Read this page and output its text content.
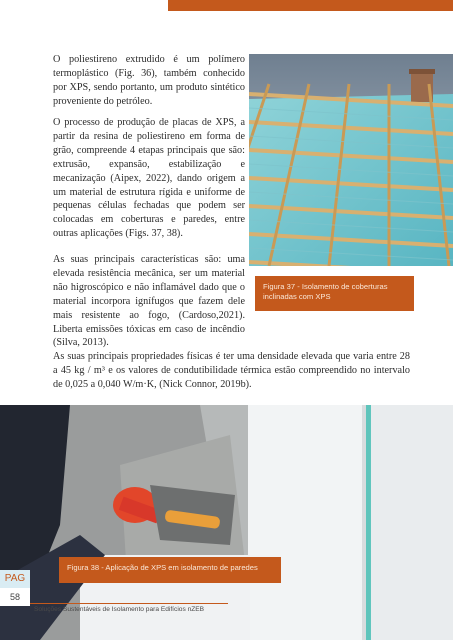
O poliestireno extrudido é um polímero termoplástico (Fig. 36), também conhecido por XPS, sendo portanto, um produto sintético proveniente do petróleo.

O processo de produção de placas de XPS, a partir da resina de poliestireno em forma de grão, compreende 4 etapas principais que são: extrusão, expansão, estabilização e mecanização (Aipex, 2022), dando origem a um material de estrutura rígida e uniforme de pequenas células fechadas que podem ser colocadas em coberturas e paredes, entre outras aplicações (Figs. 37, 38).

As suas principais características são: uma elevada resistência mecânica, ser um material não higroscópico e não inflamável dado que o material incorpora ignífugos que fazem dele mais resistente ao fogo, (Cardoso,2021). Liberta emissões tóxicas em caso de incêndio (Silva, 2013).

Figura 37 - Isolamento de coberturas inclinadas com XPS

As suas principais propriedades físicas é ter uma densidade elevada que varia entre 28 a 45 kg / m³ e os valores de condutibilidade térmica estão compreendido no intervalo de 0,025 a 0,040 W/m·K, (Nick Connor, 2019b).

Figura 38 - Aplicação de XPS em isolamento de paredes
PAG
58
Soluções Sustentáveis de Isolamento para Edifícios nZEB
